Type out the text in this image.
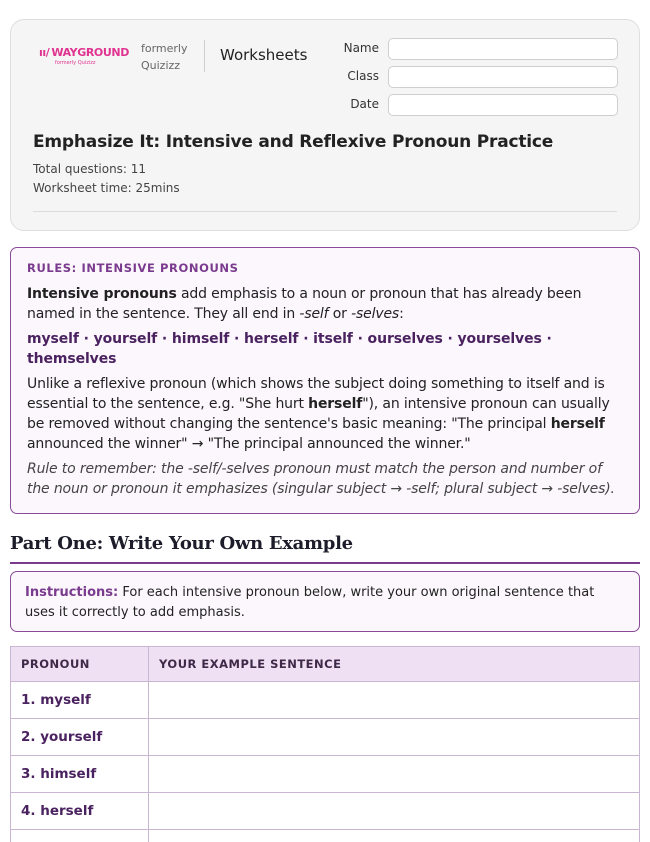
ıı/ WAYGROUND
formerly Quizizz
formerly
Quizizz
Worksheets	Name
Class
Date
Emphasize It: Intensive and Reflexive Pronoun Practice
Total questions: 11
Worksheet time: 25mins
RULES: INTENSIVE PRONOUNS

Intensive pronouns add emphasis to a noun or pronoun that has already been named in the sentence. They all end in -self or -selves:

myself · yourself · himself · herself · itself · ourselves · yourselves · themselves

Unlike a reflexive pronoun (which shows the subject doing something to itself and is essential to the sentence, e.g. "She hurt herself"), an intensive pronoun can usually be removed without changing the sentence's basic meaning: "The principal herself announced the winner" → "The principal announced the winner."

Rule to remember: the -self/-selves pronoun must match the person and number of the noun or pronoun it emphasizes (singular subject → -self; plural subject → -selves).

Part One: Write Your Own Example
Instructions: For each intensive pronoun below, write your own original sentence that uses it correctly to add emphasis.
PRONOUN	YOUR EXAMPLE SENTENCE
1. myself	
2. yourself	
3. himself	
4. herself	
